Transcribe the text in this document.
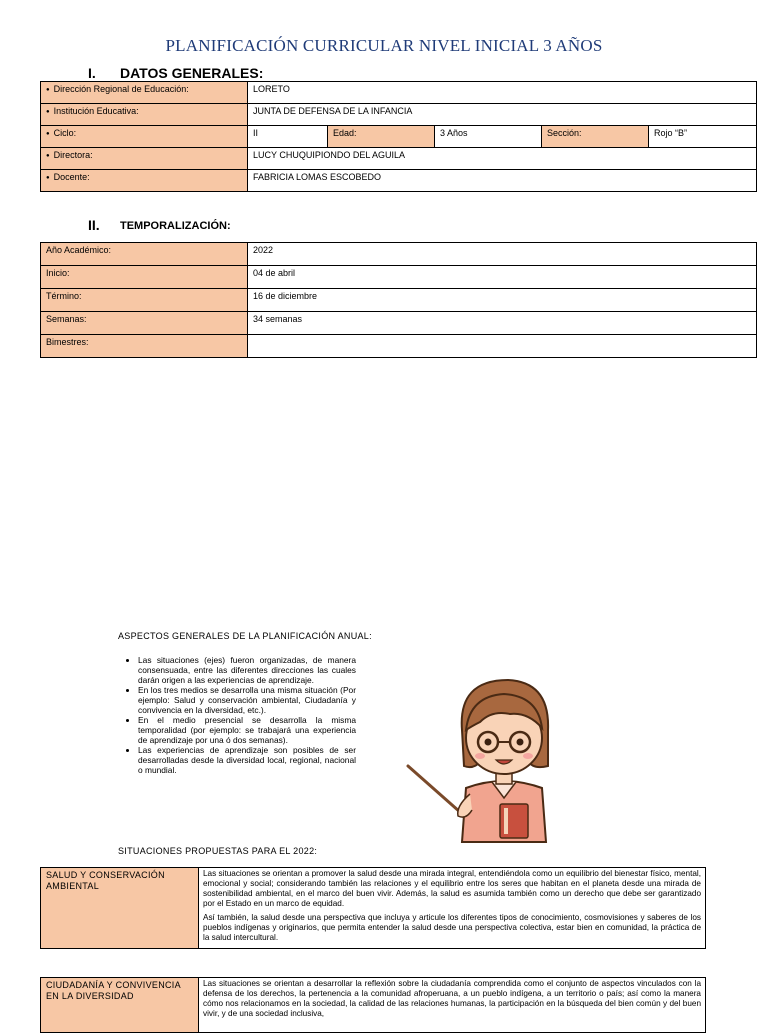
PLANIFICACIÓN CURRICULAR NIVEL INICIAL 3 AÑOS
I.	DATOS GENERALES:
● Dirección Regional de Educación:	LORETO				
● Institución Educativa:	JUNTA DE DEFENSA DE LA INFANCIA				
● Ciclo:	II	Edad:	3 Años	Sección:	Rojo “B”
● Directora:	LUCY CHUQUIPIONDO DEL AGUILA				
● Docente:	FABRICIA LOMAS ESCOBEDO				
II.	TEMPORALIZACIÓN:
Año Académico:	2022
Inicio:	04 de abril
Término:	16 de diciembre
Semanas:	34 semanas
Bimestres:	
ASPECTOS GENERALES DE LA PLANIFICACIÓN ANUAL:
• Las situaciones (ejes) fueron organizadas, de manera consensuada, entre las diferentes direcciones las cuales darán origen a las experiencias de aprendizaje.
• En los tres medios se desarrolla una misma situación (Por ejemplo: Salud y conservación ambiental, Ciudadanía y convivencia en la diversidad, etc.).
• En el medio presencial se desarrolla la misma temporalidad (por ejemplo: se trabajará una experiencia de aprendizaje por una ó dos semanas).
• Las experiencias de aprendizaje son posibles de ser desarrolladas desde la diversidad local, regional, nacional o mundial.
SITUACIONES PROPUESTAS PARA EL 2022:
SALUD Y CONSERVACIÓN AMBIENTAL	

Las situaciones se orientan a promover la salud desde una mirada integral, entendiéndola como un equilibrio del bienestar físico, mental, emocional y social; considerando también las relaciones y el equilibrio entre los seres que habitan en el planeta desde una mirada de sostenibilidad ambiental, en el marco del buen vivir. Además, la salud es asumida también como un derecho que debe ser garantizado por el Estado en un marco de equidad.

Así también, la salud desde una perspectiva que incluya y articule los diferentes tipos de conocimiento, cosmovisiones y saberes de los pueblos indígenas y originarios, que permita entender la salud desde una perspectiva colectiva, estar bien en comunidad, la práctica de la salud intercultural.

CIUDADANÍA Y CONVIVENCIA EN LA DIVERSIDAD	

Las situaciones se orientan a desarrollar la reflexión sobre la ciudadanía comprendida como el conjunto de aspectos vinculados con la defensa de los derechos, la pertenencia a la comunidad afroperuana, a un pueblo indígena, a un territorio o país; así como la manera cómo nos relacionamos en la sociedad, la calidad de las relaciones humanas, la participación en la búsqueda del bien común y del buen vivir, y de una sociedad inclusiva,
